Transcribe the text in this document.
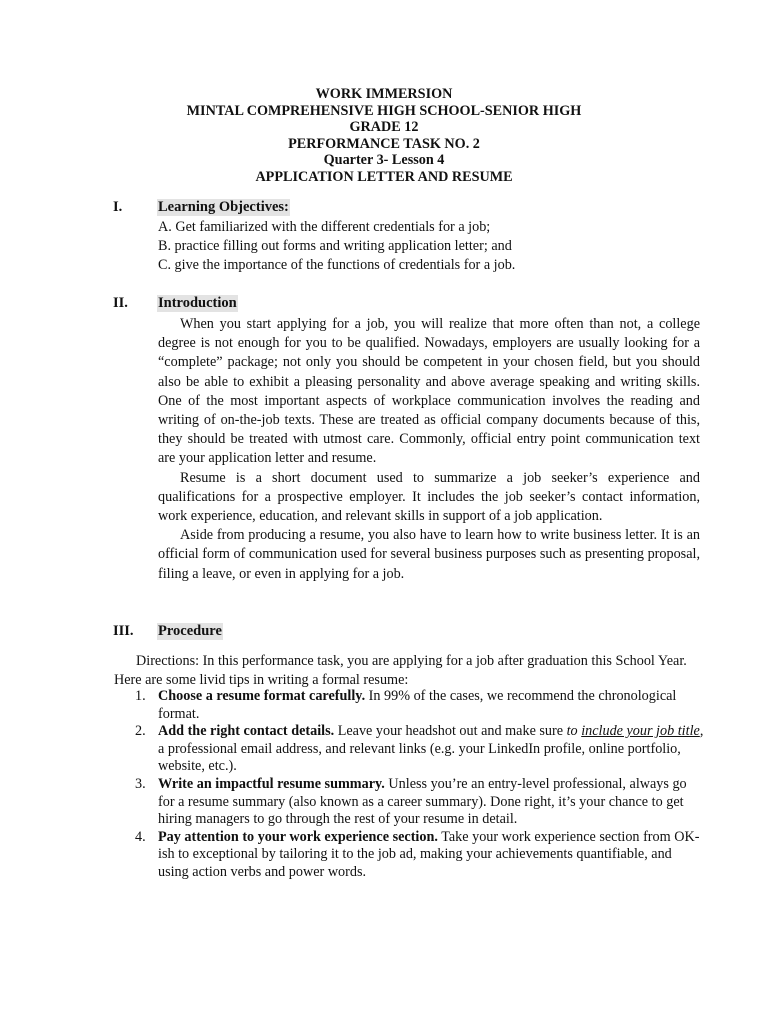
WORK IMMERSION
MINTAL COMPREHENSIVE HIGH SCHOOL-SENIOR HIGH
GRADE 12
PERFORMANCE TASK NO. 2
Quarter 3- Lesson 4
APPLICATION LETTER AND RESUME
I. Learning Objectives:
A. Get familiarized with the different credentials for a job;
B. practice filling out forms and writing application letter; and
C. give the importance of the functions of credentials for a job.
II. Introduction

When you start applying for a job, you will realize that more often than not, a college degree is not enough for you to be qualified. Nowadays, employers are usually looking for a “complete” package; not only you should be competent in your chosen field, but you should also be able to exhibit a pleasing personality and above average speaking and writing skills. One of the most important aspects of workplace communication involves the reading and writing of on-the-job texts. These are treated as official company documents because of this, they should be treated with utmost care. Commonly, official entry point communication text are your application letter and resume.

Resume is a short document used to summarize a job seeker’s experience and qualifications for a prospective employer. It includes the job seeker’s contact information, work experience, education, and relevant skills in support of a job application.

Aside from producing a resume, you also have to learn how to write business letter. It is an official form of communication used for several business purposes such as presenting proposal, filing a leave, or even in applying for a job.

III. Procedure

Directions: In this performance task, you are applying for a job after graduation this School Year. Here are some livid tips in writing a formal resume:

1. Choose a resume format carefully. In 99% of the cases, we recommend the chronological format.
2. Add the right contact details. Leave your headshot out and make sure to include your job title, a professional email address, and relevant links (e.g. your LinkedIn profile, online portfolio, website, etc.).
3. Write an impactful resume summary. Unless you’re an entry-level professional, always go for a resume summary (also known as a career summary). Done right, it’s your chance to get hiring managers to go through the rest of your resume in detail.
4. Pay attention to your work experience section. Take your work experience section from OK-ish to exceptional by tailoring it to the job ad, making your achievements quantifiable, and using action verbs and power words.
